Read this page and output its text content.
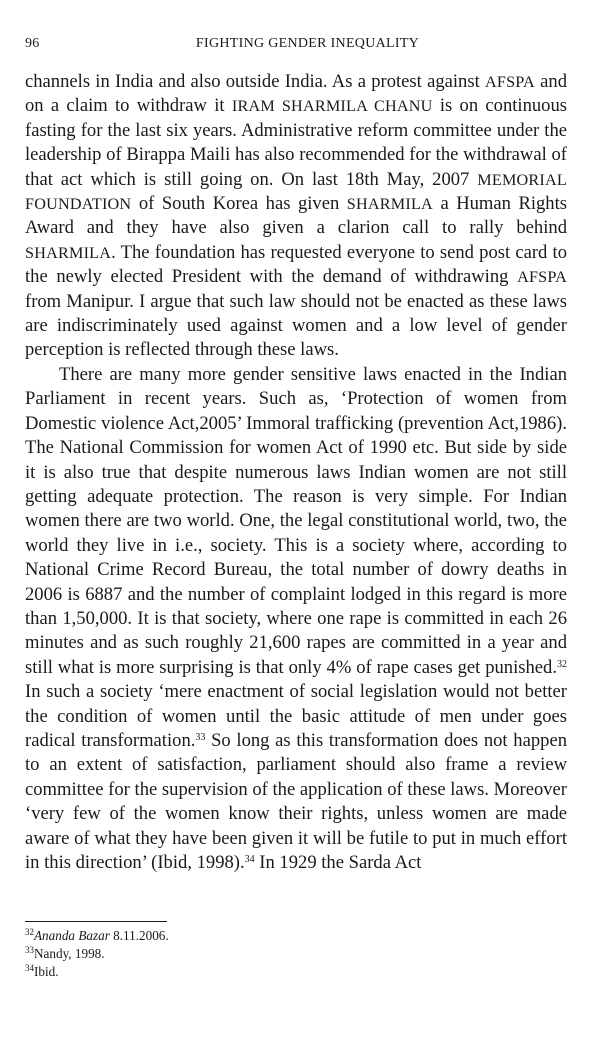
96	FIGHTING GENDER INEQUALITY

channels in India and also outside India. As a protest against AFSPA and on a claim to withdraw it IRAM SHARMILA CHANU is on continuous fasting for the last six years. Administrative reform committee under the leadership of Birappa Maili has also recommended for the withdrawal of that act which is still going on. On last 18th May, 2007 MEMORIAL FOUNDATION of South Korea has given SHARMILA a Human Rights Award and they have also given a clarion call to rally behind SHARMILA. The foundation has requested everyone to send post card to the newly elected President with the demand of withdrawing AFSPA from Manipur. I argue that such law should not be enacted as these laws are indiscriminately used against women and a low level of gender perception is reflected through these laws.

There are many more gender sensitive laws enacted in the Indian Parliament in recent years. Such as, ‘Protection of women from Domestic violence Act,2005’ Immoral trafficking (prevention Act,1986). The National Commission for women Act of 1990 etc. But side by side it is also true that despite numerous laws Indian women are not still getting adequate protection. The reason is very simple. For Indian women there are two world. One, the legal constitutional world, two, the world they live in i.e., society. This is a society where, according to National Crime Record Bureau, the total number of dowry deaths in 2006 is 6887 and the number of complaint lodged in this regard is more than 1,50,000. It is that society, where one rape is committed in each 26 minutes and as such roughly 21,600 rapes are committed in a year and still what is more surprising is that only 4% of rape cases get punished.$^{32}$ In such a society ‘mere enactment of social legislation would not better the condition of women until the basic attitude of men under goes radical transformation.$^{33}$ So long as this transformation does not happen to an extent of satisfaction, parliament should also frame a review committee for the supervision of the application of these laws. Moreover ‘very few of the women know their rights, unless women are made aware of what they have been given it will be futile to put in much effort in this direction’ (Ibid, 1998).$^{34}$ In 1929 the Sarda Act

$^{32}$Ananda Bazar 8.11.2006.
$^{33}$Nandy, 1998.
$^{34}$Ibid.
